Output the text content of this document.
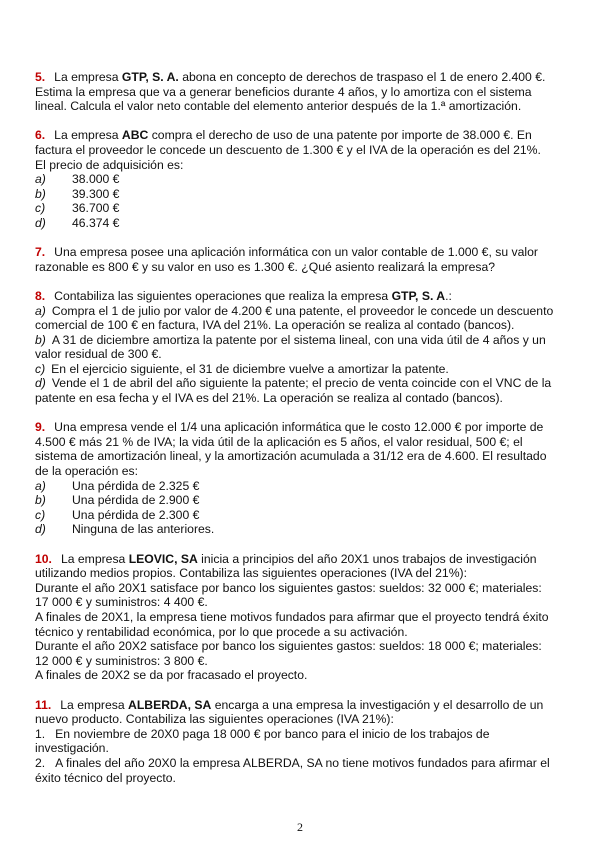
5. La empresa GTP, S. A. abonа en concepto de derechos de traspaso el 1 de enero 2.400 €. Estima la empresa que va a generar beneficios durante 4 años, y lo amortiza con el sistema lineal. Calcula el valor neto contable del elemento anterior después de la 1.ª amortización.

6. La empresa ABC compra el derecho de uso de una patente por importe de 38.000 €. En factura el proveedor le concede un descuento de 1.300 € y el IVA de la operación es del 21%. El precio de adquisición es:

a)	38.000 €
b)	39.300 €
c)	36.700 €
d)	46.374 €

7. Una empresa posee una aplicación informática con un valor contable de 1.000 €, su valor razonable es 800 € y su valor en uso es 1.300 €. ¿Qué asiento realizará la empresa?

8. Contabiliza las siguientes operaciones que realiza la empresa GTP, S. A.:

a) Compra el 1 de julio por valor de 4.200 € una patente, el proveedor le concede un descuento comercial de 100 € en factura, IVA del 21%. La operación se realiza al contado (bancos).

b) A 31 de diciembre amortiza la patente por el sistema lineal, con una vida útil de 4 años y un valor residual de 300 €.

c) En el ejercicio siguiente, el 31 de diciembre vuelve a amortizar la patente.

d) Vende el 1 de abril del año siguiente la patente; el precio de venta coincide con el VNC de la patente en esa fecha y el IVA es del 21%. La operación se realiza al contado (bancos).

9. Una empresa vende el 1/4 una aplicación informática que le costo 12.000 € por importe de 4.500 € más 21 % de IVA; la vida útil de la aplicación es 5 años, el valor residual, 500 €; el sistema de amortización lineal, y la amortización acumulada a 31/12 era de 4.600. El resultado de la operación es:

a)	Una pérdida de 2.325 €
b)	Una pérdida de 2.900 €
c)	Una pérdida de 2.300 €
d)	Ninguna de las anteriores.

10. La empresa LEOVIC, SA inicia a principios del año 20X1 unos trabajos de investigación utilizando medios propios. Contabiliza las siguientes operaciones (IVA del 21%):

Durante el año 20X1 satisface por banco los siguientes gastos: sueldos: 32 000 €; materiales: 17 000 € y suministros: 4 400 €.

A finales de 20X1, la empresa tiene motivos fundados para afirmar que el proyecto tendrá éxito técnico y rentabilidad económica, por lo que procede a su activación.

Durante el año 20X2 satisface por banco los siguientes gastos: sueldos: 18 000 €; materiales: 12 000 € y suministros: 3 800 €.

A finales de 20X2 se da por fracasado el proyecto.

11. La empresa ALBERDA, SA encarga a una empresa la investigación y el desarrollo de un nuevo producto. Contabiliza las siguientes operaciones (IVA 21%):

1. En noviembre de 20X0 paga 18 000 € por banco para el inicio de los trabajos de investigación.

2. A finales del año 20X0 la empresa ALBERDA, SA no tiene motivos fundados para afirmar el éxito técnico del proyecto.

2
